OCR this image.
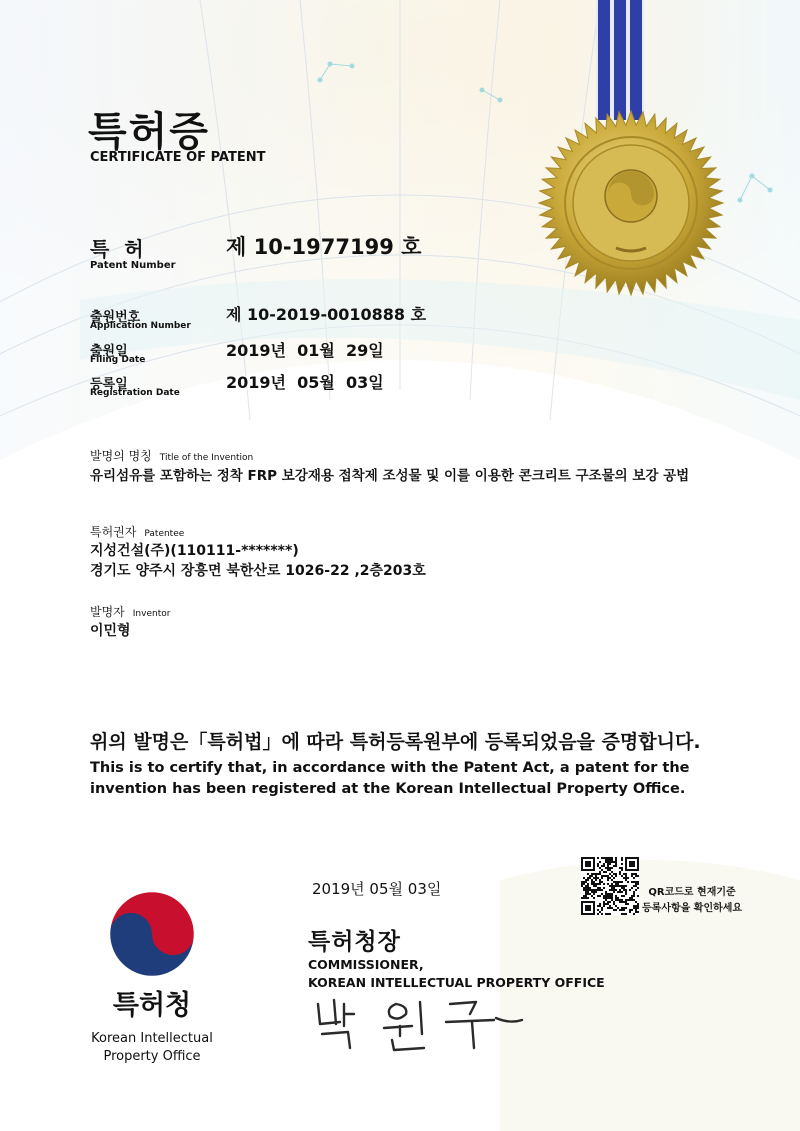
특허증
CERTIFICATE OF PATENT
특 허
Patent Number
제 10-1977199 호
출원번호
Application Number
제 10-2019-0010888 호
출원일
Filing Date	2019년  01월  29일
등록일
Registration Date
2019년  05월  03일
발명의 명칭 Title of the Invention
유리섬유를 포함하는 정착 FRP 보강재용 접착제 조성물 및 이를 이용한 콘크리트 구조물의 보강 공법
특허권자 Patentee
지성건설(주)(110111-*******)
경기도 양주시 장흥면 북한산로 1026-22 ,2층203호
발명자 Inventor
이민형
위의 발명은「특허법」에 따라 특허등록원부에 등록되었음을 증명합니다.
This is to certify that, in accordance with the Patent Act, a patent for the invention has been registered at the Korean Intellectual Property Office.
2019년 05월 03일	QR코드로 현재기준
등록사항을 확인하세요
특허청장
COMMISSIONER,
KOREAN INTELLECTUAL PROPERTY OFFICE
특허청
Korean Intellectual Property Office
